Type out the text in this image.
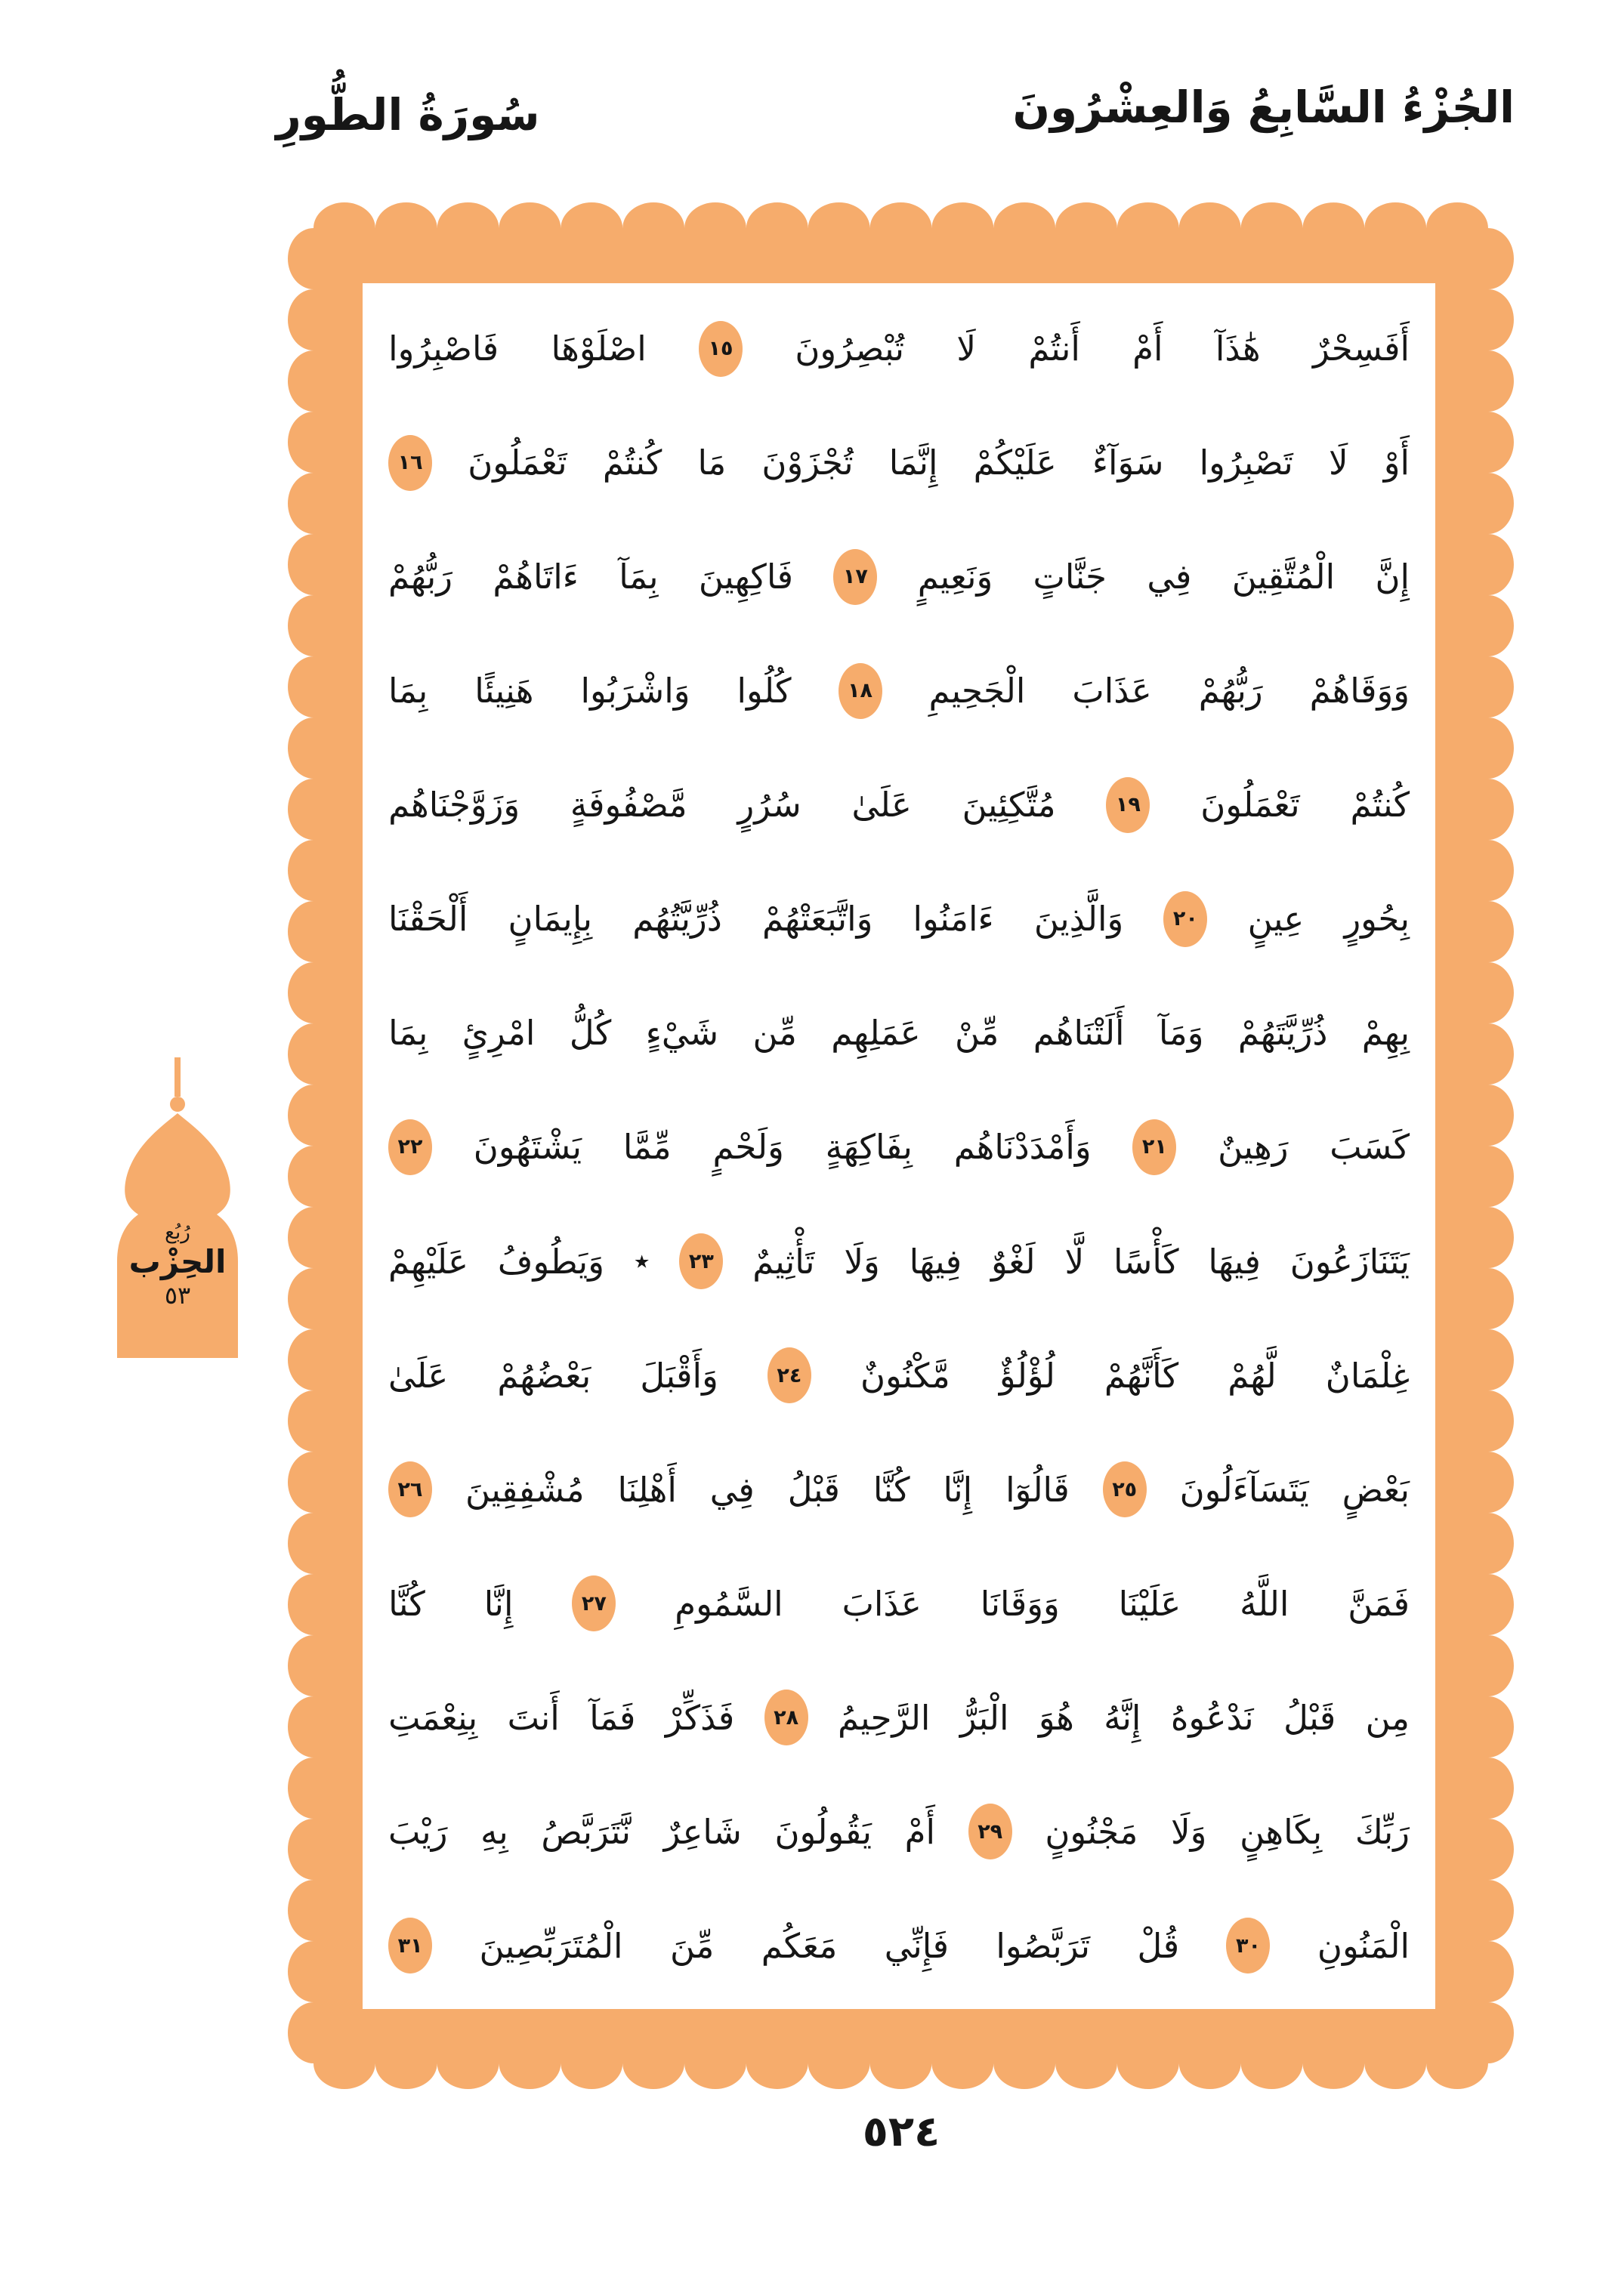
سُورَةُ الطُّورِ	الجُزْءُ السَّابِعُ وَالعِشْرُونَ
أَفَسِحْرٌ
هَٰذَآ
أَمْ
أَنتُمْ
لَا
تُبْصِرُونَ
١٥
اصْلَوْهَا
فَاصْبِرُوا
أَوْ
لَا
تَصْبِرُوا
سَوَآءٌ
عَلَيْكُمْ
إِنَّمَا
تُجْزَوْنَ
مَا
كُنتُمْ
تَعْمَلُونَ
١٦
إِنَّ
الْمُتَّقِينَ
فِي
جَنَّاتٍ
وَنَعِيمٍ
١٧
فَاكِهِينَ
بِمَآ
ءَاتَاهُمْ
رَبُّهُمْ
وَوَقَاهُمْ
رَبُّهُمْ
عَذَابَ
الْجَحِيمِ
١٨
كُلُوا
وَاشْرَبُوا
هَنِيئًا
بِمَا
كُنتُمْ
تَعْمَلُونَ
١٩
مُتَّكِئِينَ
عَلَىٰ
سُرُرٍ
مَّصْفُوفَةٍ
وَزَوَّجْنَاهُم
بِحُورٍ
عِينٍ
٢٠
وَالَّذِينَ
ءَامَنُوا
وَاتَّبَعَتْهُمْ
ذُرِّيَّتُهُم
بِإِيمَانٍ
أَلْحَقْنَا
بِهِمْ
ذُرِّيَّتَهُمْ
وَمَآ
أَلَتْنَاهُم
مِّنْ
عَمَلِهِم
مِّن
شَيْءٍ
كُلُّ
امْرِئٍ
بِمَا
كَسَبَ
رَهِينٌ
٢١
وَأَمْدَدْنَاهُم
بِفَاكِهَةٍ
وَلَحْمٍ
مِّمَّا
يَشْتَهُونَ
٢٢
يَتَنَازَعُونَ
فِيهَا
كَأْسًا
لَّا
لَغْوٌ
فِيهَا
وَلَا
تَأْثِيمٌ
٢٣
٭
وَيَطُوفُ
عَلَيْهِمْ
غِلْمَانٌ
لَّهُمْ
كَأَنَّهُمْ
لُؤْلُؤٌ
مَّكْنُونٌ
٢٤
وَأَقْبَلَ
بَعْضُهُمْ
عَلَىٰ
بَعْضٍ
يَتَسَآءَلُونَ
٢٥
قَالُوٓا
إِنَّا
كُنَّا
قَبْلُ
فِي
أَهْلِنَا
مُشْفِقِينَ
٢٦
فَمَنَّ
اللَّهُ
عَلَيْنَا
وَوَقَانَا
عَذَابَ
السَّمُومِ
٢٧
إِنَّا
كُنَّا
مِن
قَبْلُ
نَدْعُوهُ
إِنَّهُ
هُوَ
الْبَرُّ
الرَّحِيمُ
٢٨
فَذَكِّرْ
فَمَآ
أَنتَ
بِنِعْمَتِ
رَبِّكَ
بِكَاهِنٍ
وَلَا
مَجْنُونٍ
٢٩
أَمْ
يَقُولُونَ
شَاعِرٌ
نَّتَرَبَّصُ
بِهِ
رَيْبَ
الْمَنُونِ
٣٠
قُلْ
تَرَبَّصُوا
فَإِنِّي
مَعَكُم
مِّنَ
الْمُتَرَبِّصِينَ
٣١
رُبُع
الحِزْب
٥٣
٥٢٤
